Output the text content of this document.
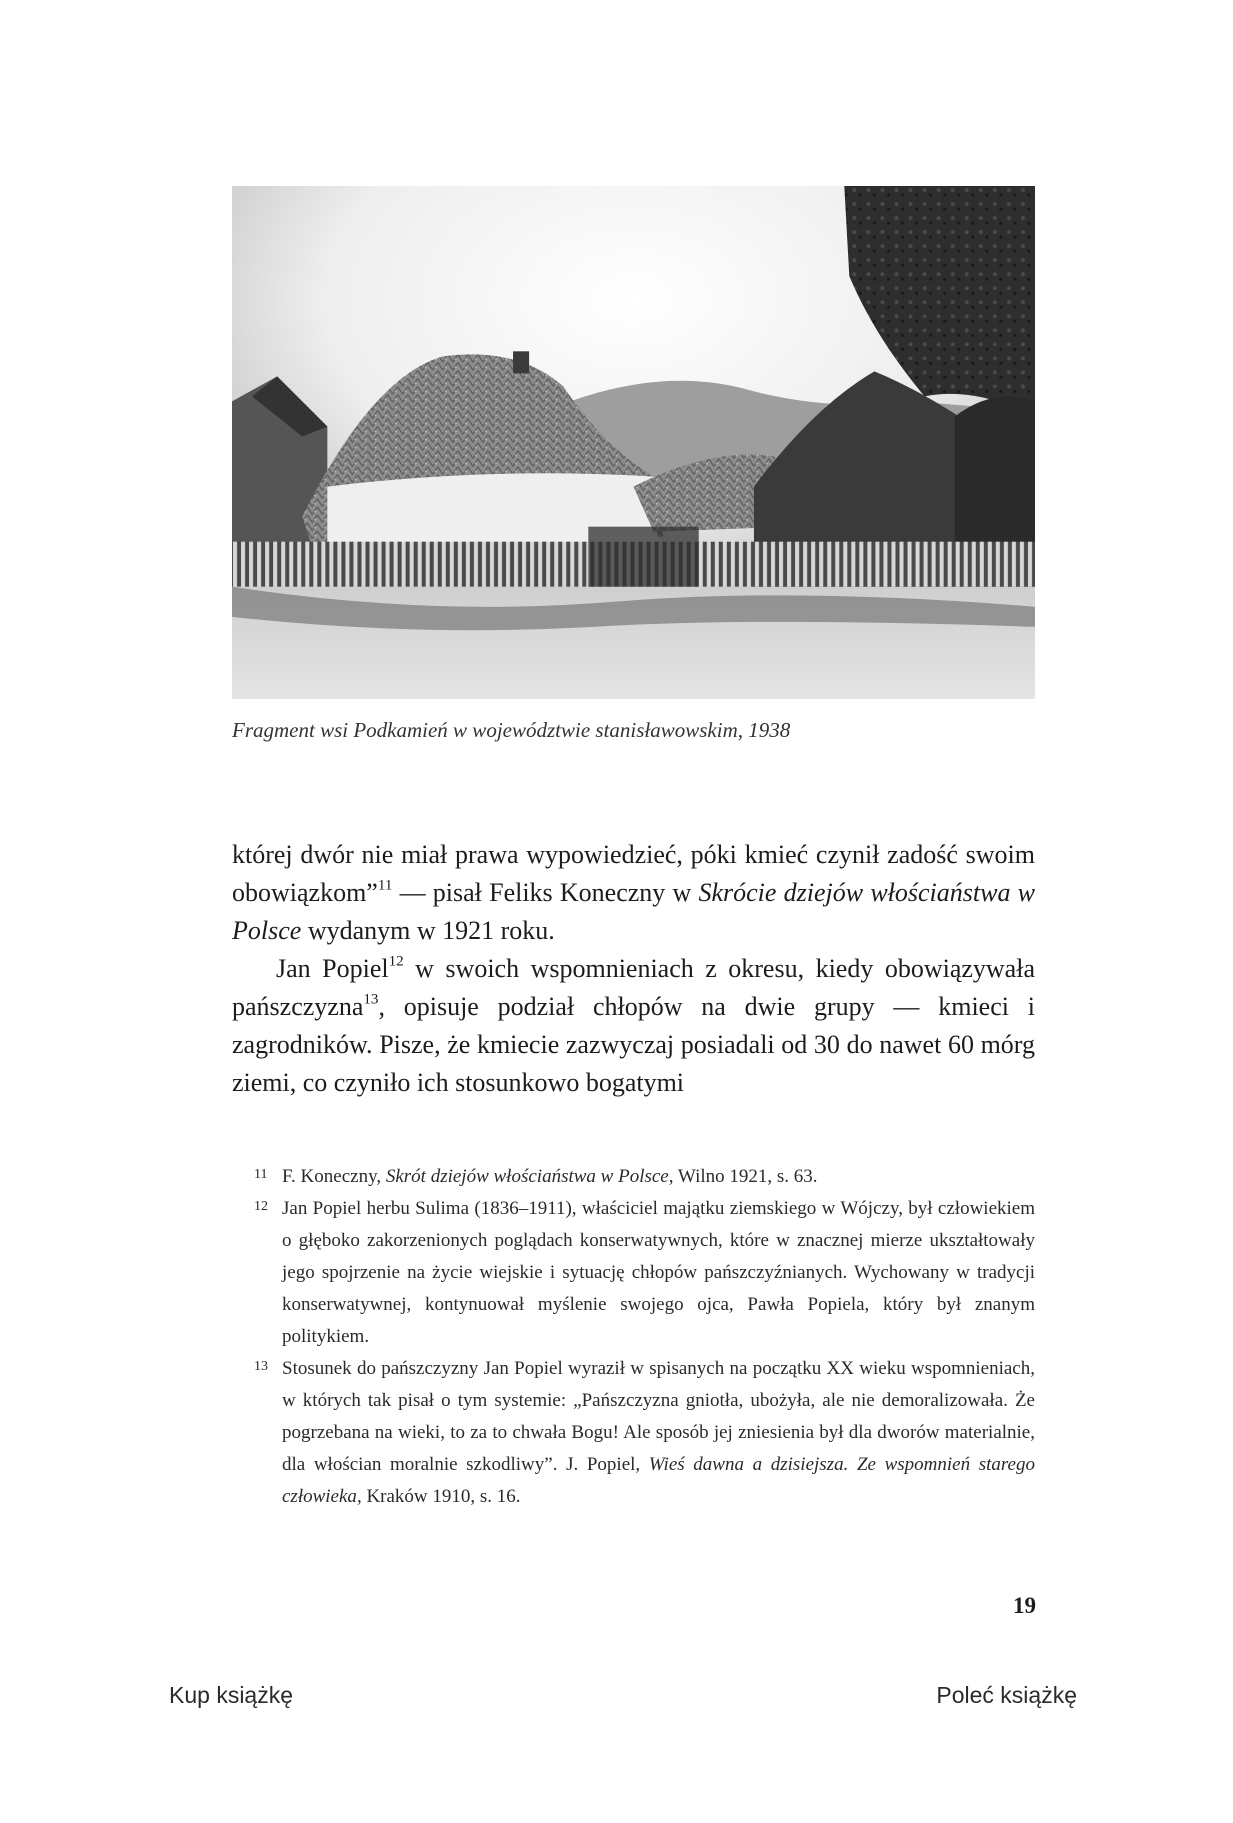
Fragment wsi Podkamień w województwie stanisławowskim, 1938

której dwór nie miał prawa wypowiedzieć, póki kmieć czynił zadość swoim obowiązkom”$^{11}$ — pisał Feliks Koneczny w Skrócie dziejów włościaństwa w Polsce wydanym w 1921 roku.

Jan Popiel$^{12}$ w swoich wspomnieniach z okresu, kiedy obowiązywała pańszczyzna$^{13}$, opisuje podział chłopów na dwie grupy — kmieci i zagrodników. Pisze, że kmiecie zazwyczaj posiadali od 30 do nawet 60 mórg ziemi, co czyniło ich stosunkowo bogatymi

11 F. Koneczny, Skrót dziejów włościaństwa w Polsce, Wilno 1921, s. 63.
12 Jan Popiel herbu Sulima (1836–1911), właściciel majątku ziemskiego w Wójczy, był człowiekiem o głęboko zakorzenionych poglądach konserwatywnych, które w znacznej mierze ukształtowały jego spojrzenie na życie wiejskie i sytuację chłopów pańszczyźnianych. Wychowany w tradycji konserwatywnej, kontynuował myślenie swojego ojca, Pawła Popiela, który był znanym politykiem.
13 Stosunek do pańszczyzny Jan Popiel wyraził w spisanych na początku XX wieku wspomnieniach, w których tak pisał o tym systemie: „Pańszczyzna gniotła, ubożyła, ale nie demoralizowała. Że pogrzebana na wieki, to za to chwała Bogu! Ale sposób jej zniesienia był dla dworów materialnie, dla włościan moralnie szkodliwy”. J. Popiel, Wieś dawna a dzisiejsza. Ze wspomnień starego człowieka, Kraków 1910, s. 16.
19
Kup książkę	Poleć książkę
